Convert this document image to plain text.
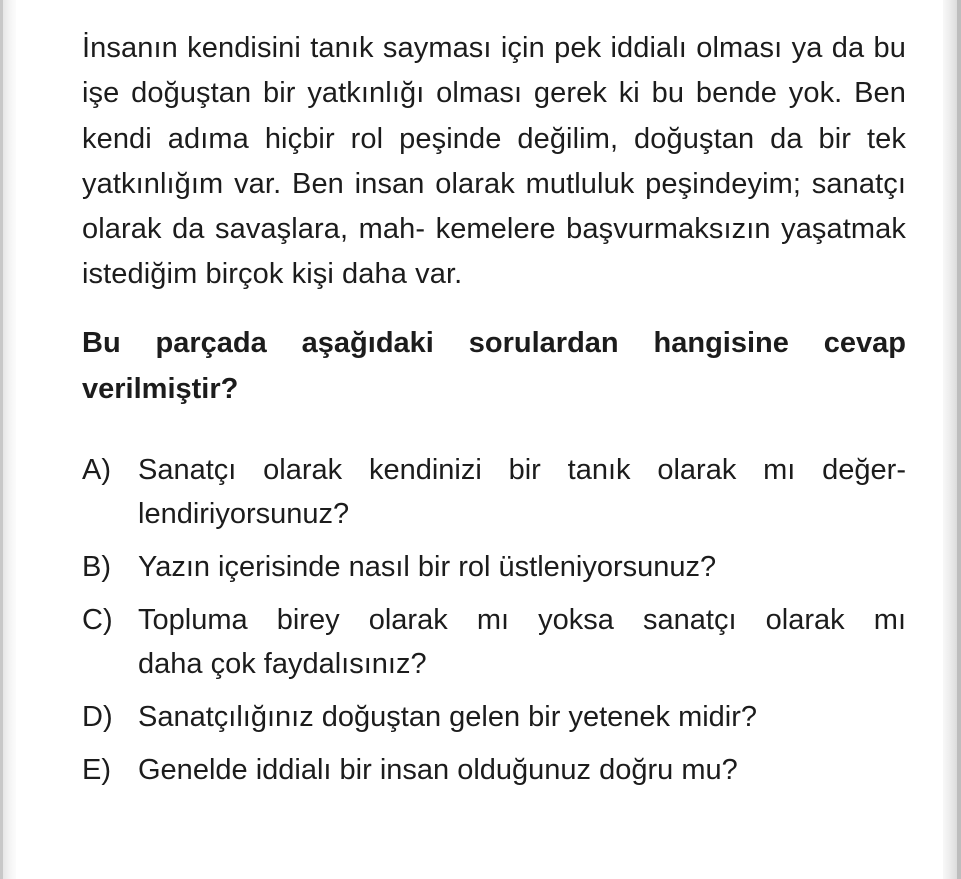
İnsanın kendisini tanık sayması için pek iddialı olması ya da bu işe doğuştan bir yatkınlığı olması gerek ki bu bende yok. Ben kendi adıma hiçbir rol peşinde değilim, doğuştan da bir tek yatkınlığım var. Ben insan olarak mutluluk peşindeyim; sanatçı olarak da savaşlara, mah- kemelere başvurmaksızın yaşatmak istediğim birçok kişi daha var.

Bu parçada aşağıdaki sorulardan hangisine cevap
verilmiştir?
A) Sanatçı olarak kendinizi bir tanık olarak mı değer-
lendiriyorsunuz?
B) Yazın içerisinde nasıl bir rol üstleniyorsunuz?
C) Topluma birey olarak mı yoksa sanatçı olarak mı
daha çok faydalısınız?
D) Sanatçılığınız doğuştan gelen bir yetenek midir?
E) Genelde iddialı bir insan olduğunuz doğru mu?
